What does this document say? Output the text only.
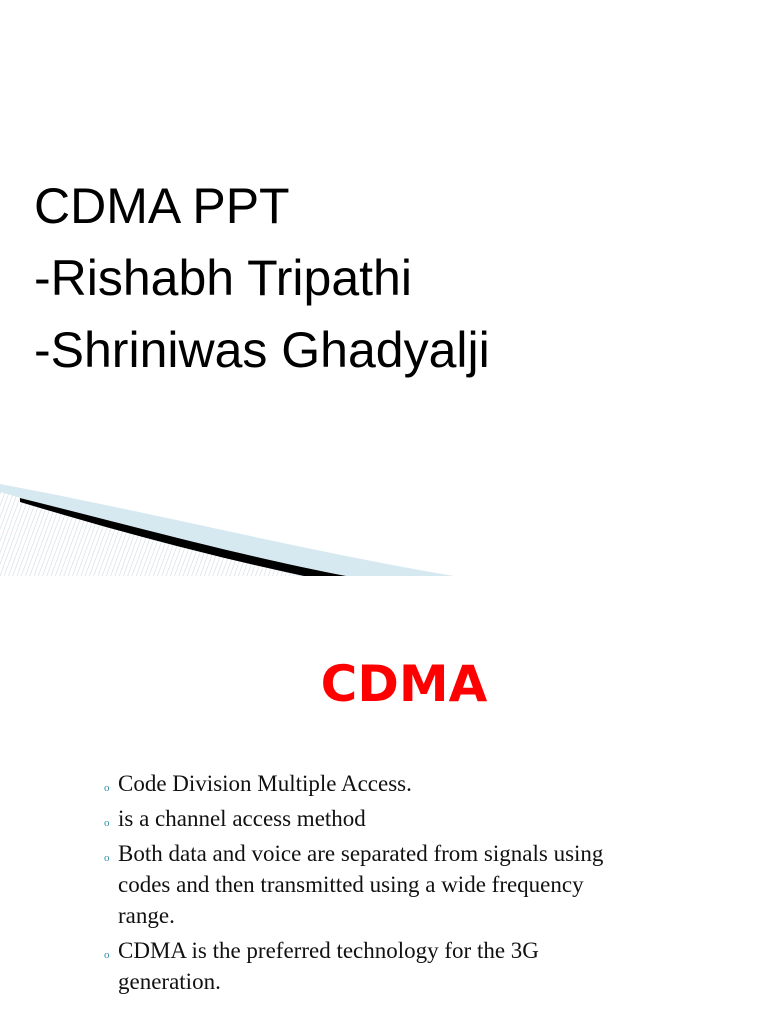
CDMA PPT
-Rishabh Tripathi
-Shriniwas Ghadyalji
CDMA
o Code Division Multiple Access.
o is a channel access method
o Both data and voice are separated from signals using codes and then transmitted using a wide frequency range.
o CDMA is the preferred technology for the 3G generation.
